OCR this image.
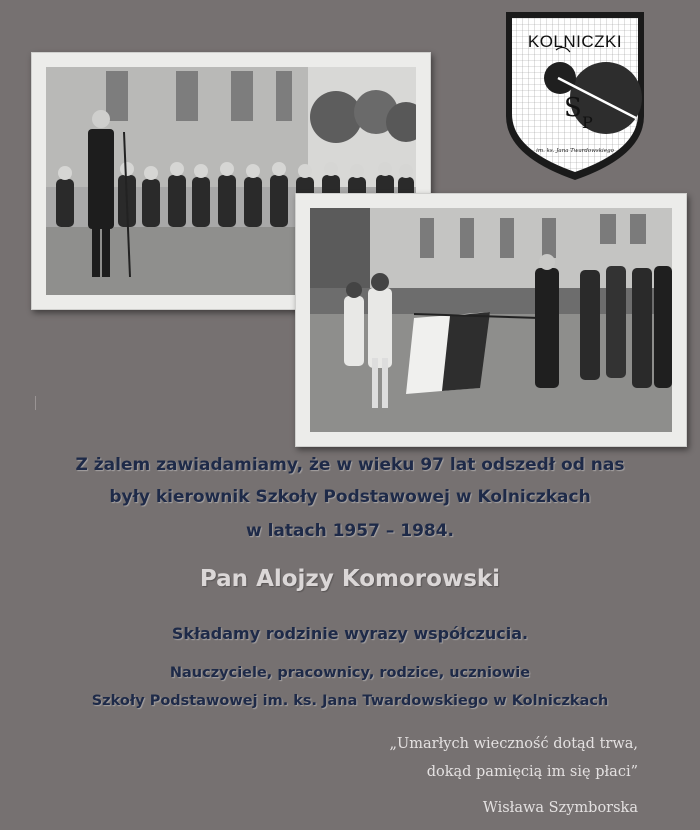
S P
KOLNICZKI
im. ks. Jana Twardowskiego
Z żalem zawiadamiamy, że w wieku 97 lat odszedł od nas
były kierownik Szkoły Podstawowej w Kolniczkach
w latach 1957 – 1984.
Pan Alojzy Komorowski
Składamy rodzinie wyrazy współczucia.
Nauczyciele, pracownicy, rodzice, uczniowie
Szkoły Podstawowej im. ks. Jana Twardowskiego w Kolniczkach
„Umarłych wieczność dotąd trwa,
dokąd pamięcią im się płaci”
Wisława Szymborska
